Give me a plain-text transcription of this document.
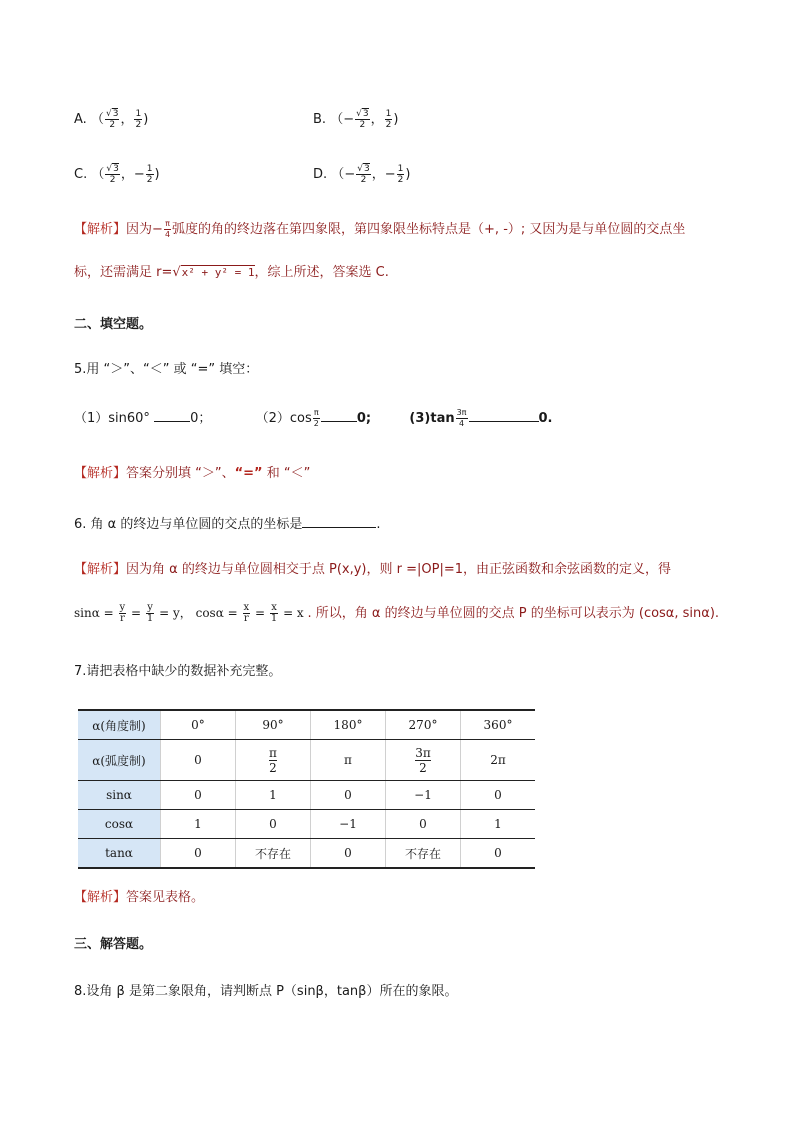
A. （ $\frac{√3}{2}$ ， $\frac{1}{2}$ )	B. （− $\frac{√3}{2}$ ， $\frac{1}{2}$ )
C. （ $\frac{√3}{2}$ ，− $\frac{1}{2}$ )	D. （− $\frac{√3}{2}$ ，− $\frac{1}{2}$ )
【解析】因为− $\frac{\pi}{4}$ 弧度的角的终边落在第四象限，第四象限坐标特点是（+, -）; 又因为是与单位圆的交点坐
标，还需满足 r=√x² + y² = 1，综上所述，答案选 C.
二、填空题。
5.用 “＞”、“＜” 或 “=” 填空：
（1）sin60°	0；	$(2)\cos \frac{\pi}{2}$	0;	$(3)\tan \frac{3\pi}{4}$	0.
【解析】答案分别填 “＞”、“=” 和 “＜”
6. 角 α 的终边与单位圆的交点的坐标是	.
【解析】因为角 α 的终边与单位圆相交于点 P(x,y)，则 r =|OP|=1，由正弦函数和余弦函数的定义，得
$\sin\alpha = \frac{y}{r} = \frac{y}{1} = y$， $\cos\alpha = \frac{x}{r} = \frac{x}{1} = x$ . 所以，角 α 的终边与单位圆的交点 P 的坐标可以表示为 (cosα, sinα).
7.请把表格中缺少的数据补充完整。
α(角度制)	0°	90°	180°	270°	360°
α(弧度制)	0	$\frac{\pi}{2}$	π	$\frac{3\pi}{2}$	2π
sinα	0	1	0	−1	0
cosα	1	0	−1	0	1
tanα	0	不存在	0	不存在	0
【解析】答案见表格。
三、解答题。
8.设角 β 是第二象限角，请判断点 P（sinβ，tanβ）所在的象限。
